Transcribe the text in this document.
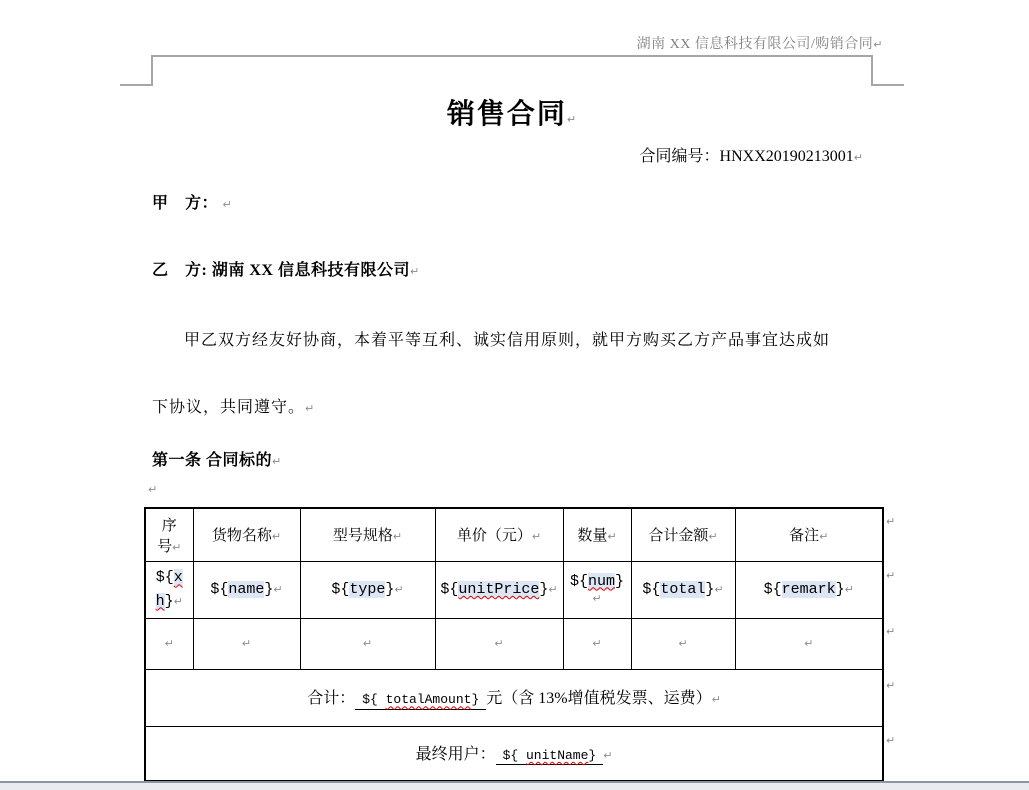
湖南 XX 信息科技有限公司/购销合同↵
销售合同↵
合同编号：HNXX20190213001↵
甲　方： ↵
乙　方: 湖南 XX 信息科技有限公司↵
甲乙双方经友好协商，本着平等互利、诚实信用原则，就甲方购买乙方产品事宜达成如
下协议，共同遵守。↵
第一条 合同标的↵
↵
序
号↵	货物名称↵	型号规格↵	单价（元）↵	数量↵	合计金额↵	备注↵
${xh}↵	${name}↵	${type}↵	${unitPrice}↵	${num}↵	${total}↵	${remark}↵
↵	↵	↵	↵	↵	↵	↵
合计： ${ totalAmount} 元（含 13%增值税发票、运费）↵						
最终用户： ${ unitName} ↵						
↵
↵
↵
↵
↵
